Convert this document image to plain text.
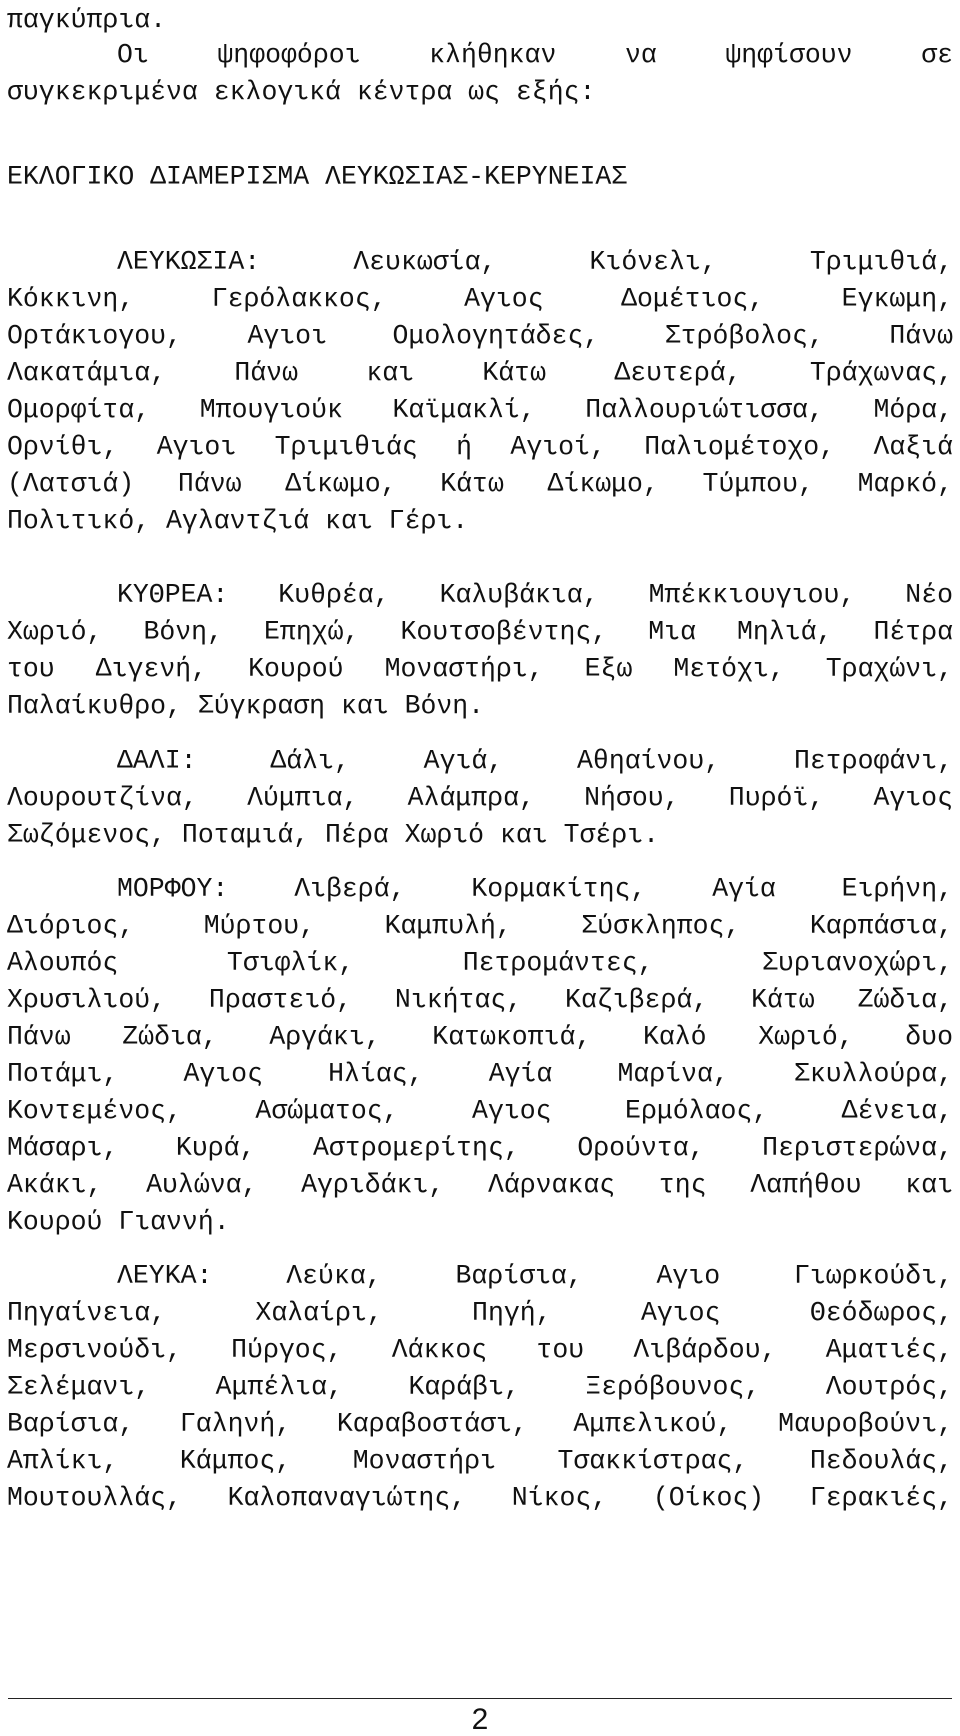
παγκύπρια.
Οι ψηφοφόροι κλήθηκαν να ψηφίσουν σε
συγκεκριμένα εκλογικά κέντρα ως εξής:
ΕΚΛΟΓΙΚΟ ΔΙΑΜΕΡΙΣΜΑ ΛΕΥΚΩΣΙΑΣ-ΚΕΡΥΝΕΙΑΣ
ΛΕΥΚΩΣΙΑ: Λευκωσία, Κιόνελι, Τριμιθιά,
Κόκκινη, Γερόλακκος, Αγιος Δομέτιος, Εγκωμη,
Ορτάκιογου, Αγιοι Ομολογητάδες, Στρόβολος, Πάνω
Λακατάμια, Πάνω και Κάτω Δευτερά, Τράχωνας,
Ομορφίτα, Μπουγιούκ Καϊμακλί, Παλλουριώτισσα, Μόρα,
Ορνίθι, Αγιοι Τριμιθιάς ή Αγιοί, Παλιομέτοχο, Λαξιά
(Λατσιά) Πάνω Δίκωμο, Κάτω Δίκωμο, Τύμπου, Μαρκό,
Πολιτικό, Αγλαντζιά και Γέρι.
ΚΥΘΡΕΑ: Κυθρέα, Καλυβάκια, Μπέκκιουγιου, Νέο
Χωριό, Βόνη, Επηχώ, Κουτσοβέντης, Μια Μηλιά, Πέτρα
του Διγενή, Κουρού Μοναστήρι, Εξω Μετόχι, Τραχώνι,
Παλαίκυθρο, Σύγκραση και Βόνη.
ΔΑΛΙ: Δάλι, Αγιά, Αθηαίνου, Πετροφάνι,
Λουρουτζίνα, Λύμπια, Αλάμπρα, Νήσου, Πυρόϊ, Αγιος
Σωζόμενος, Ποταμιά, Πέρα Χωριό και Τσέρι.
ΜΟΡΦΟΥ: Λιβερά, Κορμακίτης, Αγία Ειρήνη,
Διόριος, Μύρτου, Καμπυλή, Σύσκληπος, Καρπάσια,
Αλουπός Τσιφλίκ, Πετρομάντες, Συριανοχώρι,
Χρυσιλιού, Πραστειό, Νικήτας, Καζιβερά, Κάτω Ζώδια,
Πάνω Ζώδια, Αργάκι, Κατωκοπιά, Καλό Χωριό, δυο
Ποτάμι, Αγιος Ηλίας, Αγία Μαρίνα, Σκυλλούρα,
Κοντεμένος, Ασώματος, Αγιος Ερμόλαος, Δένεια,
Μάσαρι, Κυρά, Αστρομερίτης, Ορούντα, Περιστερώνα,
Ακάκι, Αυλώνα, Αγριδάκι, Λάρνακας της Λαπήθου και
Κουρού Γιαννή.
ΛΕΥΚΑ: Λεύκα, Βαρίσια, Αγιο Γιωρκούδι,
Πηγαίνεια, Χαλαίρι, Πηγή, Αγιος Θεόδωρος,
Μερσινούδι, Πύργος, Λάκκος του Λιβάρδου, Αματιές,
Σελέμανι, Αμπέλια, Καράβι, Ξερόβουνος, Λουτρός,
Βαρίσια, Γαληνή, Καραβοστάσι, Αμπελικού, Μαυροβούνι,
Απλίκι, Κάμπος, Μοναστήρι Τσακκίστρας, Πεδουλάς,
Μουτουλλάς, Καλοπαναγιώτης, Νίκος, (Οίκος) Γερακιές,
2
